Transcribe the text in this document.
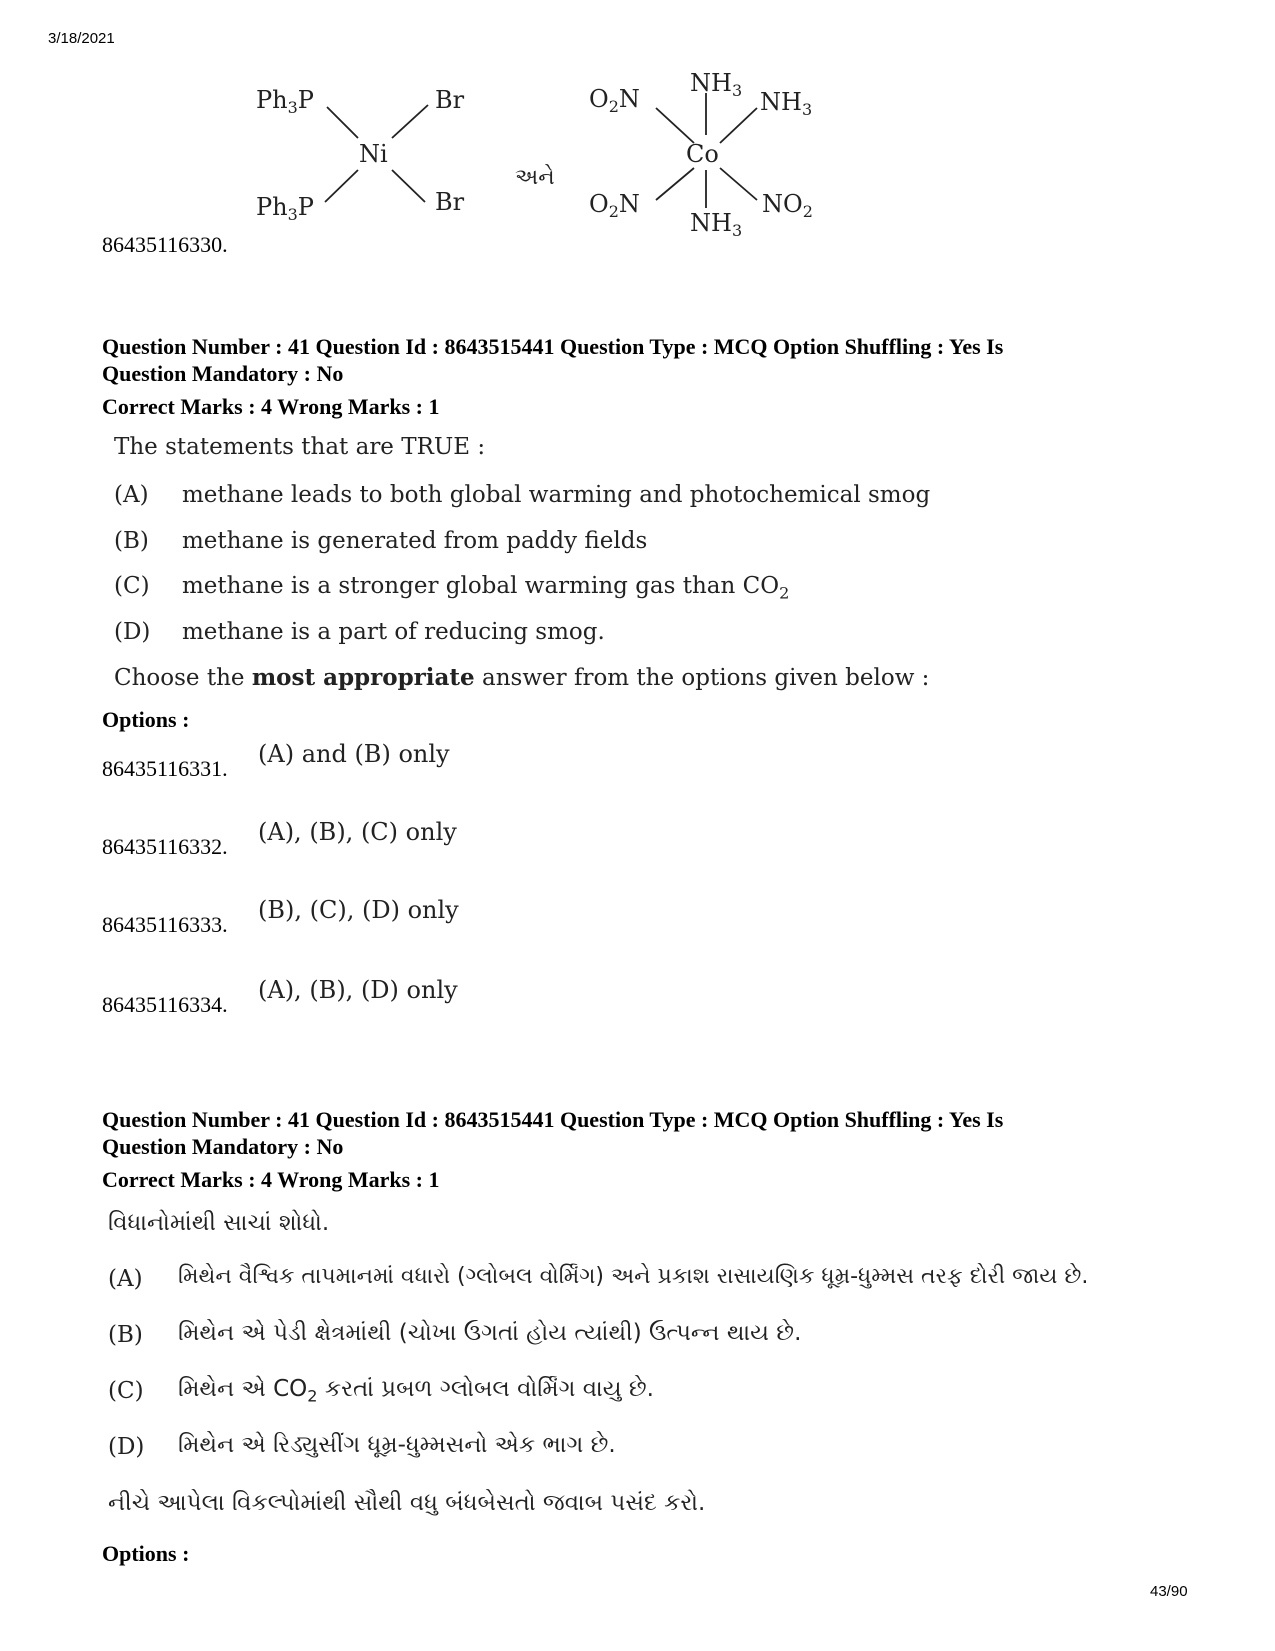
3/18/2021
43/90
$Ph_3P$	Br
Ni
$Ph_3P$	Br
$O_2N$
$NH_3$ $NH_3$
Co
$O_2N$
$NH_3$
$NO_2$
અને
86435116330.
Question Number : 41 Question Id : 8643515441 Question Type : MCQ Option Shuffling : Yes Is
Question Mandatory : No
Correct Marks : 4 Wrong Marks : 1
The statements that are TRUE :
(A) methane leads to both global warming and photochemical smog
(B) methane is generated from paddy fields
(C) methane is a stronger global warming gas than $CO_2$
(D) methane is a part of reducing smog.
Choose the most appropriate answer from the options given below :
Options :
86435116331.
(A) and (B) only
86435116332.
(A), (B), (C) only
86435116333.
(B), (C), (D) only
86435116334.
(A), (B), (D) only
Question Number : 41 Question Id : 8643515441 Question Type : MCQ Option Shuffling : Yes Is
Question Mandatory : No
Correct Marks : 4 Wrong Marks : 1
વિધાનોમાંથી સાચાં શોધો.
(A) મિથેન વૈશ્વિક તાપમાનમાં વધારો (ગ્લોબલ વોર્મિંગ) અને પ્રકાશ રાસાયણિક ધૂમ્ર-ધુમ્મસ તરફ દોરી જાય છે.
(B) મિથેન એ પેડી ક્ષેત્રમાંથી (ચોખા ઉગતાં હોય ત્યાંથી) ઉત્પન્ન થાય છે.
(C) મિથેન એ $CO_2$ કરતાં પ્રબળ ગ્લોબલ વોર્મિંગ વાયુ છે.
(D) મિથેન એ રિડ્યુસીંગ ધૂમ્ર-ધુમ્મસનો એક ભાગ છે.
નીચે આપેલા વિકલ્પોમાંથી સૌથી વધુ બંધબેસતો જવાબ પસંદ કરો.
Options :
